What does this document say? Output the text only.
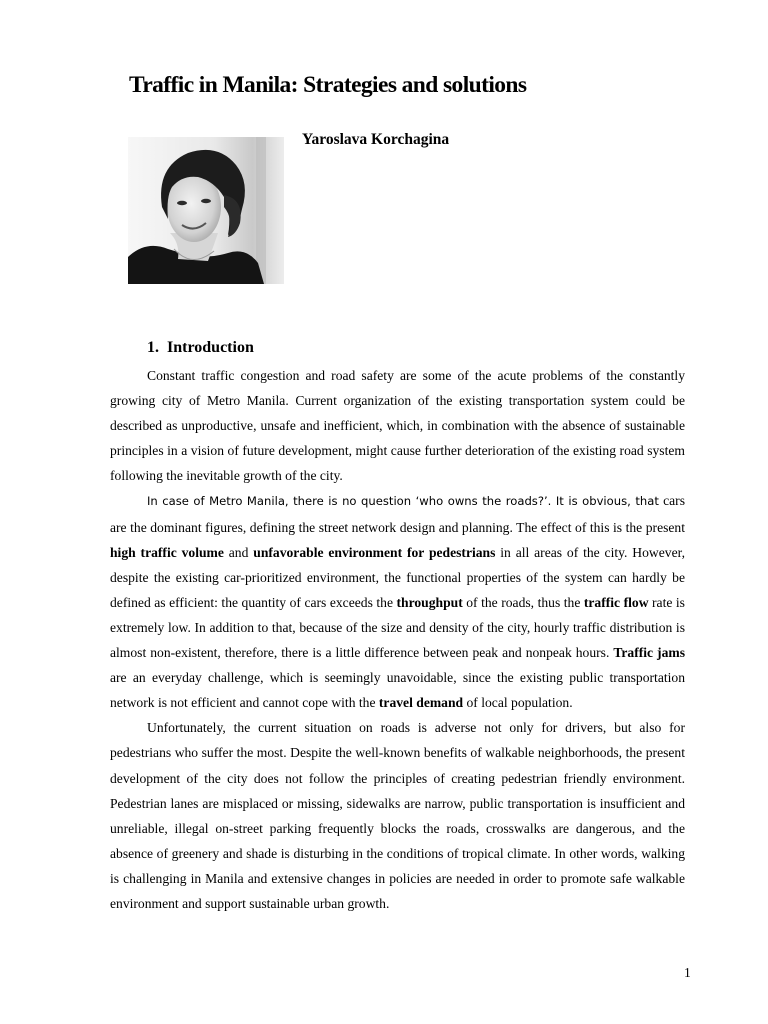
Traffic in Manila: Strategies and solutions
Yaroslava Korchagina
1. Introduction

Constant traffic congestion and road safety are some of the acute problems of the constantly growing city of Metro Manila. Current organization of the existing transportation system could be described as unproductive, unsafe and inefficient, which, in combination with the absence of sustainable principles in a vision of future development, might cause further deterioration of the existing road system following the inevitable growth of the city.

In case of Metro Manila, there is no question ‘who owns the roads?’. It is obvious, that cars are the dominant figures, defining the street network design and planning. The effect of this is the present high traffic volume and unfavorable environment for pedestrians in all areas of the city. However, despite the existing car-prioritized environment, the functional properties of the system can hardly be defined as efficient: the quantity of cars exceeds the throughput of the roads, thus the traffic flow rate is extremely low. In addition to that, because of the size and density of the city, hourly traffic distribution is almost non-existent, therefore, there is a little difference between peak and nonpeak hours. Traffic jams are an everyday challenge, which is seemingly unavoidable, since the existing public transportation network is not efficient and cannot cope with the travel demand of local population.

Unfortunately, the current situation on roads is adverse not only for drivers, but also for pedestrians who suffer the most. Despite the well-known benefits of walkable neighborhoods, the present development of the city does not follow the principles of creating pedestrian friendly environment. Pedestrian lanes are misplaced or missing, sidewalks are narrow, public transportation is insufficient and unreliable, illegal on-street parking frequently blocks the roads, crosswalks are dangerous, and the absence of greenery and shade is disturbing in the conditions of tropical climate. In other words, walking is challenging in Manila and extensive changes in policies are needed in order to promote safe walkable environment and support sustainable urban growth.

1
